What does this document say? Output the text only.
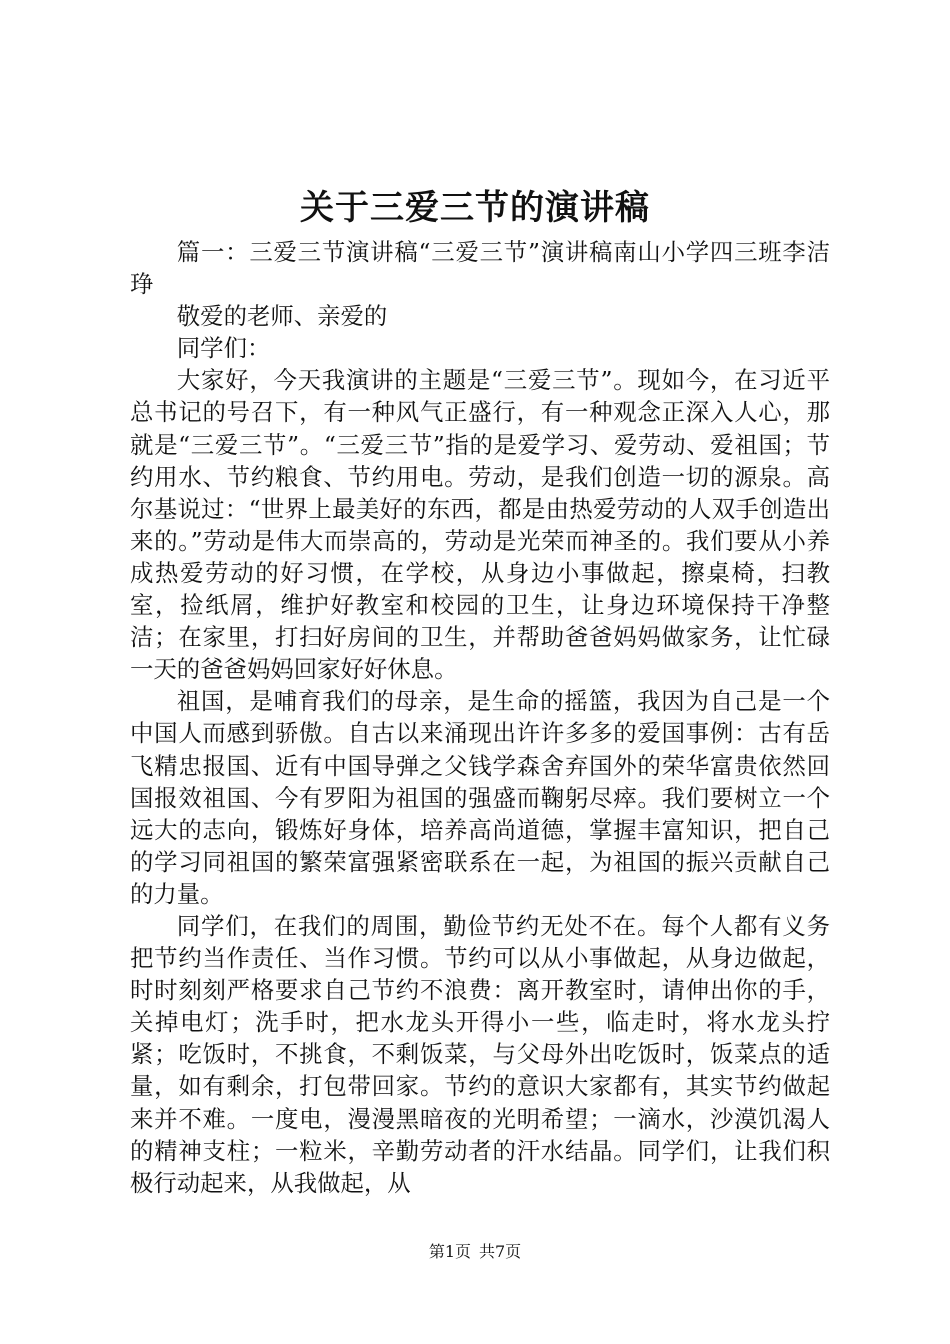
关于三爱三节的演讲稿

篇一：三爱三节演讲稿“三爱三节”演讲稿南山小学四三班李洁琤

敬爱的老师、亲爱的

同学们：

大家好，今天我演讲的主题是“三爱三节”。现如今，在习近平总书记的号召下，有一种风气正盛行，有一种观念正深入人心，那就是“三爱三节”。“三爱三节”指的是爱学习、爱劳动、爱祖国；节约用水、节约粮食、节约用电。劳动，是我们创造一切的源泉。高尔基说过：“世界上最美好的东西，都是由热爱劳动的人双手创造出来的。”劳动是伟大而崇高的，劳动是光荣而神圣的。我们要从小养成热爱劳动的好习惯，在学校，从身边小事做起，擦桌椅，扫教室，捡纸屑，维护好教室和校园的卫生，让身边环境保持干净整洁；在家里，打扫好房间的卫生，并帮助爸爸妈妈做家务，让忙碌一天的爸爸妈妈回家好好休息。

祖国，是哺育我们的母亲，是生命的摇篮，我因为自己是一个中国人而感到骄傲。自古以来涌现出许许多多的爱国事例：古有岳飞精忠报国、近有中国导弹之父钱学森舍弃国外的荣华富贵依然回国报效祖国、今有罗阳为祖国的强盛而鞠躬尽瘁。我们要树立一个远大的志向，锻炼好身体，培养高尚道德，掌握丰富知识，把自己的学习同祖国的繁荣富强紧密联系在一起，为祖国的振兴贡献自己的力量。

同学们，在我们的周围，勤俭节约无处不在。每个人都有义务把节约当作责任、当作习惯。节约可以从小事做起，从身边做起，时时刻刻严格要求自己节约不浪费：离开教室时，请伸出你的手，关掉电灯；洗手时，把水龙头开得小一些，临走时，将水龙头拧紧；吃饭时，不挑食，不剩饭菜，与父母外出吃饭时，饭菜点的适量，如有剩余，打包带回家。节约的意识大家都有，其实节约做起来并不难。一度电，漫漫黑暗夜的光明希望；一滴水，沙漠饥渴人的精神支柱；一粒米，辛勤劳动者的汗水结晶。同学们，让我们积极行动起来，从我做起，从

第1页 共7页
